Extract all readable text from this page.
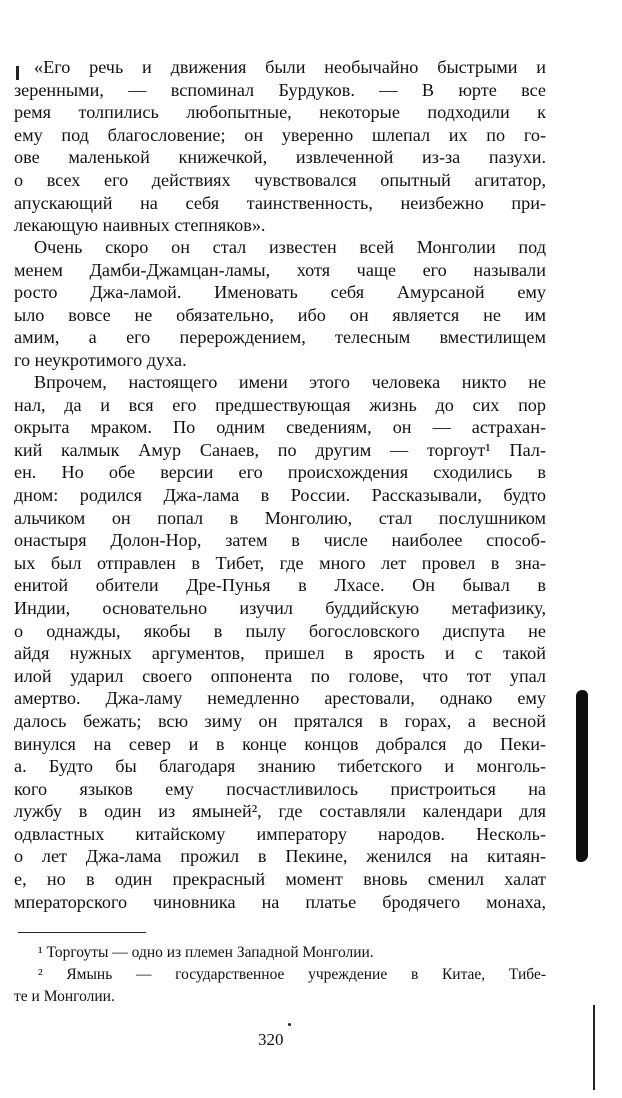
«Его речь и движения были необычайно быстрыми и
зеренными, — вспоминал Бурдуков. — В юрте все
ремя толпились любопытные, некоторые подходили к
ему под благословение; он уверенно шлепал их по го-
ове маленькой книжечкой, извлеченной из-за пазухи.
о всех его действиях чувствовался опытный агитатор,
апускающий на себя таинственность, неизбежно при-
лекающую наивных степняков».
Очень скоро он стал известен всей Монголии под
менем Дамби-Джамцан-ламы, хотя чаще его называли
росто Джа-ламой. Именовать себя Амурсаной ему
ыло вовсе не обязательно, ибо он является не им
амим, а его перерождением, телесным вместилищем
го неукротимого духа.
Впрочем, настоящего имени этого человека никто не
нал, да и вся его предшествующая жизнь до сих пор
окрыта мраком. По одним сведениям, он — астрахан-
кий калмык Амур Санаев, по другим — торгоут¹ Пал-
ен. Но обе версии его происхождения сходились в
дном: родился Джа-лама в России. Рассказывали, будто
альчиком он попал в Монголию, стал послушником
онастыря Долон-Нор, затем в числе наиболее способ-
ых был отправлен в Тибет, где много лет провел в зна-
енитой обители Дре-Пунья в Лхасе. Он бывал в
Индии, основательно изучил буддийскую метафизику,
о однажды, якобы в пылу богословского диспута не
айдя нужных аргументов, пришел в ярость и с такой
илой ударил своего оппонента по голове, что тот упал
амертво. Джа-ламу немедленно арестовали, однако ему
далось бежать; всю зиму он прятался в горах, а весной
винулся на север и в конце концов добрался до Пеки-
а. Будто бы благодаря знанию тибетского и монголь-
кого языков ему посчастливилось пристроиться на
лужбу в один из ямыней², где составляли календари для
одвластных китайскому императору народов. Несколь-
о лет Джа-лама прожил в Пекине, женился на китаян-
е, но в один прекрасный момент вновь сменил халат
мператорского чиновника на платье бродячего монаха,
¹ Торгоуты — одно из племен Западной Монголии.
² Ямынь — государственное учреждение в Китае, Тибе-
те и Монголии.
320
